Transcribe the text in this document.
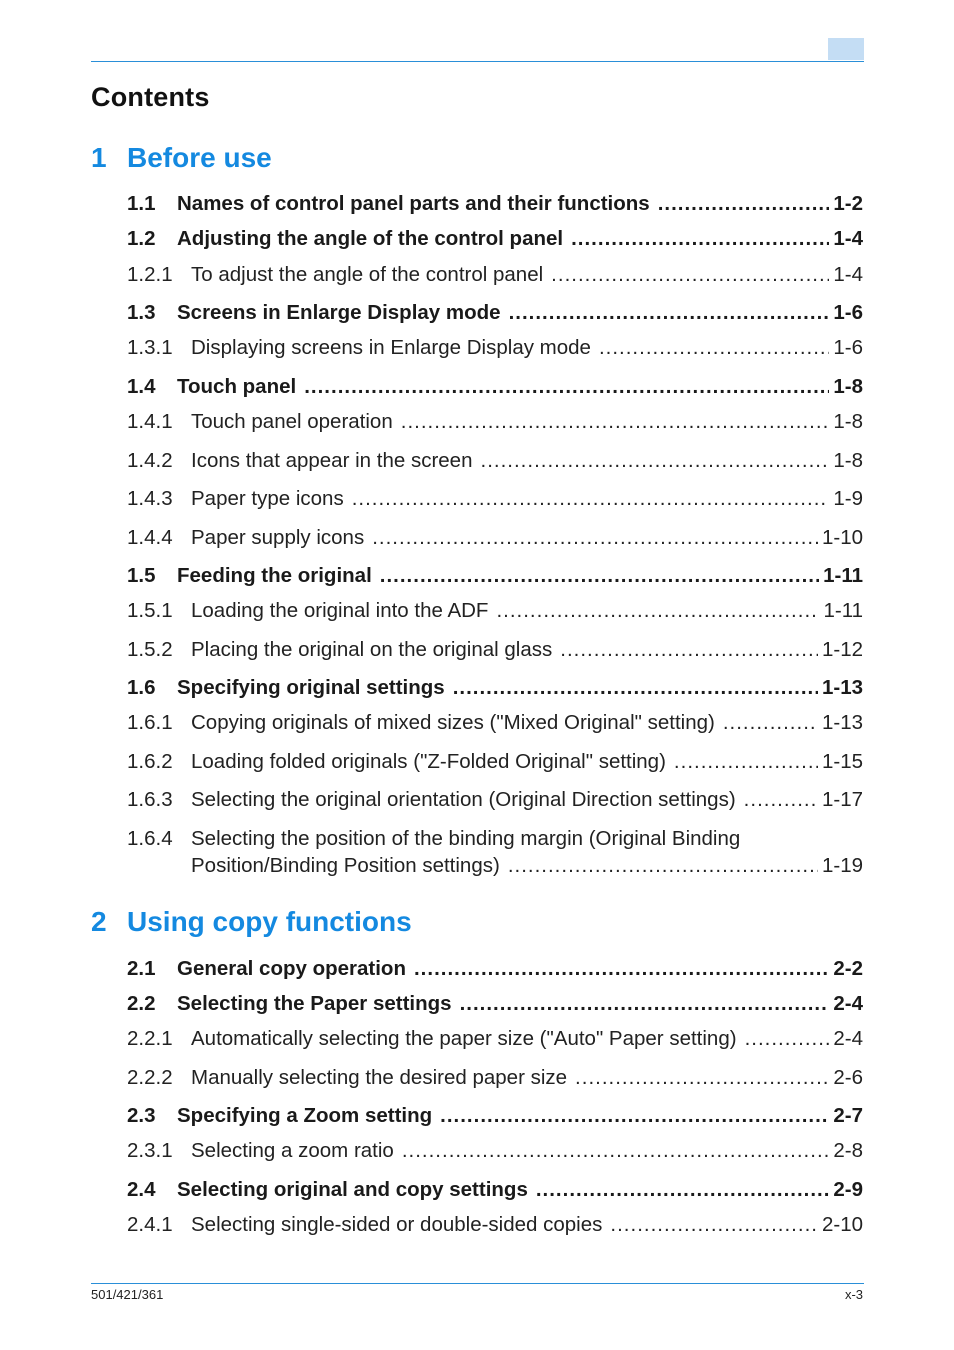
Contents
1 Before use
1.1	Names of control panel parts and their functions .....	1-2
1.2	Adjusting the angle of the control panel .....	1-4
1.2.1 To adjust the angle of the control panel .....	1-4
1.3	Screens in Enlarge Display mode .....	1-6
1.3.1 Displaying screens in Enlarge Display mode .....	1-6
1.4	Touch panel .....	1-8
1.4.1 Touch panel operation .....	1-8
1.4.2 Icons that appear in the screen .....	1-8
1.4.3 Paper type icons .....	1-9
1.4.4 Paper supply icons .....	1-10
1.5	Feeding the original .....	1-11
1.5.1 Loading the original into the ADF .....	1-11
1.5.2 Placing the original on the original glass .....	1-12
1.6	Specifying original settings .....	1-13
1.6.1 Copying originals of mixed sizes ("Mixed Original" setting) .....	1-13
1.6.2 Loading folded originals ("Z-Folded Original" setting) .....	1-15
1.6.3 Selecting the original orientation (Original Direction settings) .....	1-17
1.6.4 Selecting the position of the binding margin (Original Binding
Position/Binding Position settings) .....	1-19
2 Using copy functions
2.1	General copy operation .....	2-2
2.2	Selecting the Paper settings .....	2-4
2.2.1 Automatically selecting the paper size ("Auto" Paper setting) .....	2-4
2.2.2 Manually selecting the desired paper size .....	2-6
2.3	Specifying a Zoom setting .....	2-7
2.3.1 Selecting a zoom ratio .....	2-8
2.4	Selecting original and copy settings .....	2-9
2.4.1 Selecting single-sided or double-sided copies .....	2-10
501/421/361	x-3
